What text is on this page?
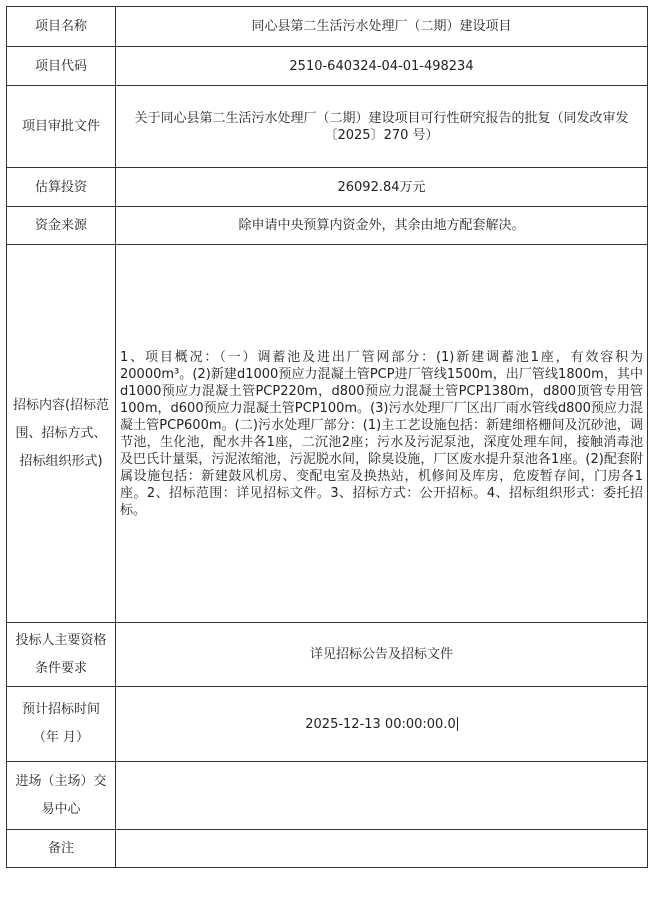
项目名称	同心县第二生活污水处理厂（二期）建设项目
项目代码	2510-640324-04-01-498234
项目审批文件	关于同心县第二生活污水处理厂（二期）建设项目可行性研究报告的批复（同发改审发〔2025〕270 号）
估算投资	26092.84万元
资金来源	除申请中央预算内资金外，其余由地方配套解决。

招标内容(招标范围、招标方式、招标组织形式)	1、项目概况：（一）调蓄池及进出厂管网部分：(1)新建调蓄池1座，有效容积为20000m³。(2)新建d1000预应力混凝土管PCP进厂管线1500m，出厂管线1800m，其中d1000预应力混凝土管PCP220m，d800预应力混凝土管PCP1380m，d800顶管专用管100m，d600预应力混凝土管PCP100m。(3)污水处理厂厂区出厂雨水管线d800预应力混凝土管PCP600m。(二)污水处理厂部分：(1)主工艺设施包括：新建细格栅间及沉砂池，调节池，生化池，配水井各1座，二沉池2座；污水及污泥泵池，深度处理车间，接触消毒池及巴氏计量渠，污泥浓缩池，污泥脱水间，除臭设施，厂区废水提升泵池各1座。(2)配套附属设施包括：新建鼓风机房、变配电室及换热站，机修间及库房，危废暂存间，门房各1座。2、招标范围：详见招标文件。3、招标方式：公开招标。4、招标组织形式：委托招标。

投标人主要资格条件要求	详见招标公告及招标文件

预计招标时间（年 月）	2025-12-13 00:00:00.0

进场（主场）交易中心	

备注	
